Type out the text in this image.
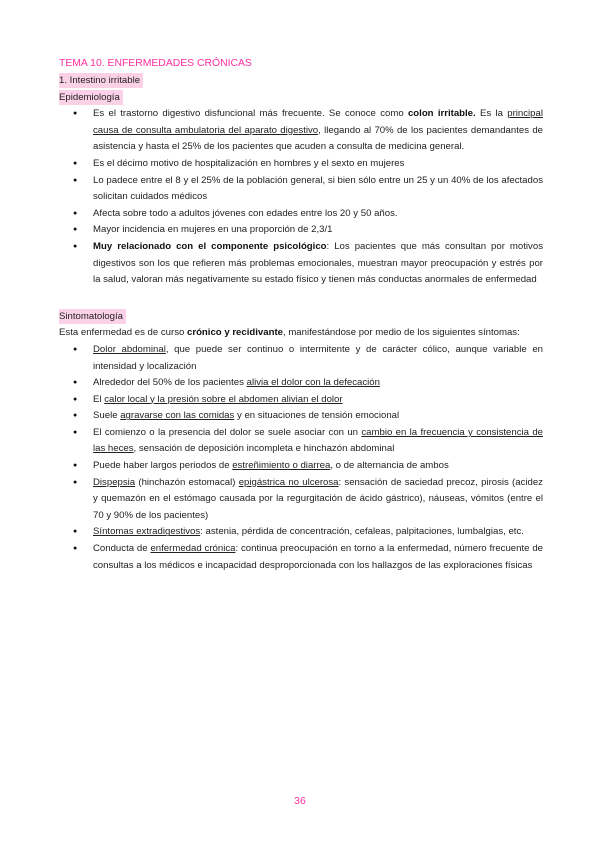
TEMA 10. ENFERMEDADES CRÓNICAS
1. Intestino irritable
Epidemiología
● Es el trastorno digestivo disfuncional más frecuente. Se conoce como colon irritable. Es la principal causa de consulta ambulatoria del aparato digestivo, llegando al 70% de los pacientes demandantes de asistencia y hasta el 25% de los pacientes que acuden a consulta de medicina general.
● Es el décimo motivo de hospitalización en hombres y el sexto en mujeres
● Lo padece entre el 8 y el 25% de la población general, si bien sólo entre un 25 y un 40% de los afectados solicitan cuidados médicos
● Afecta sobre todo a adultos jóvenes con edades entre los 20 y 50 años.
● Mayor incidencia en mujeres en una proporción de 2,3/1
● Muy relacionado con el componente psicológico: Los pacientes que más consultan por motivos digestivos son los que refieren más problemas emocionales, muestran mayor preocupación y estrés por la salud, valoran más negativamente su estado físico y tienen más conductas anormales de enfermedad
Sintomatología

Esta enfermedad es de curso crónico y recidivante, manifestándose por medio de los siguientes síntomas:

● Dolor abdominal, que puede ser continuo o intermitente y de carácter cólico, aunque variable en intensidad y localización
● Alrededor del 50% de los pacientes alivia el dolor con la defecación
● El calor local y la presión sobre el abdomen alivian el dolor
● Suele agravarse con las comidas y en situaciones de tensión emocional
● El comienzo o la presencia del dolor se suele asociar con un cambio en la frecuencia y consistencia de las heces, sensación de deposición incompleta e hinchazón abdominal
● Puede haber largos periodos de estreñimiento o diarrea, o de alternancia de ambos
● Dispepsia (hinchazón estomacal) epigástrica no ulcerosa: sensación de saciedad precoz, pirosis (acidez y quemazón en el estómago causada por la regurgitación de ácido gástrico), náuseas, vómitos (entre el 70 y 90% de los pacientes)
● Síntomas extradigestivos: astenia, pérdida de concentración, cefaleas, palpitaciones, lumbalgias, etc.
● Conducta de enfermedad crónica: continua preocupación en torno a la enfermedad, número frecuente de consultas a los médicos e incapacidad desproporcionada con los hallazgos de las exploraciones físicas
36
